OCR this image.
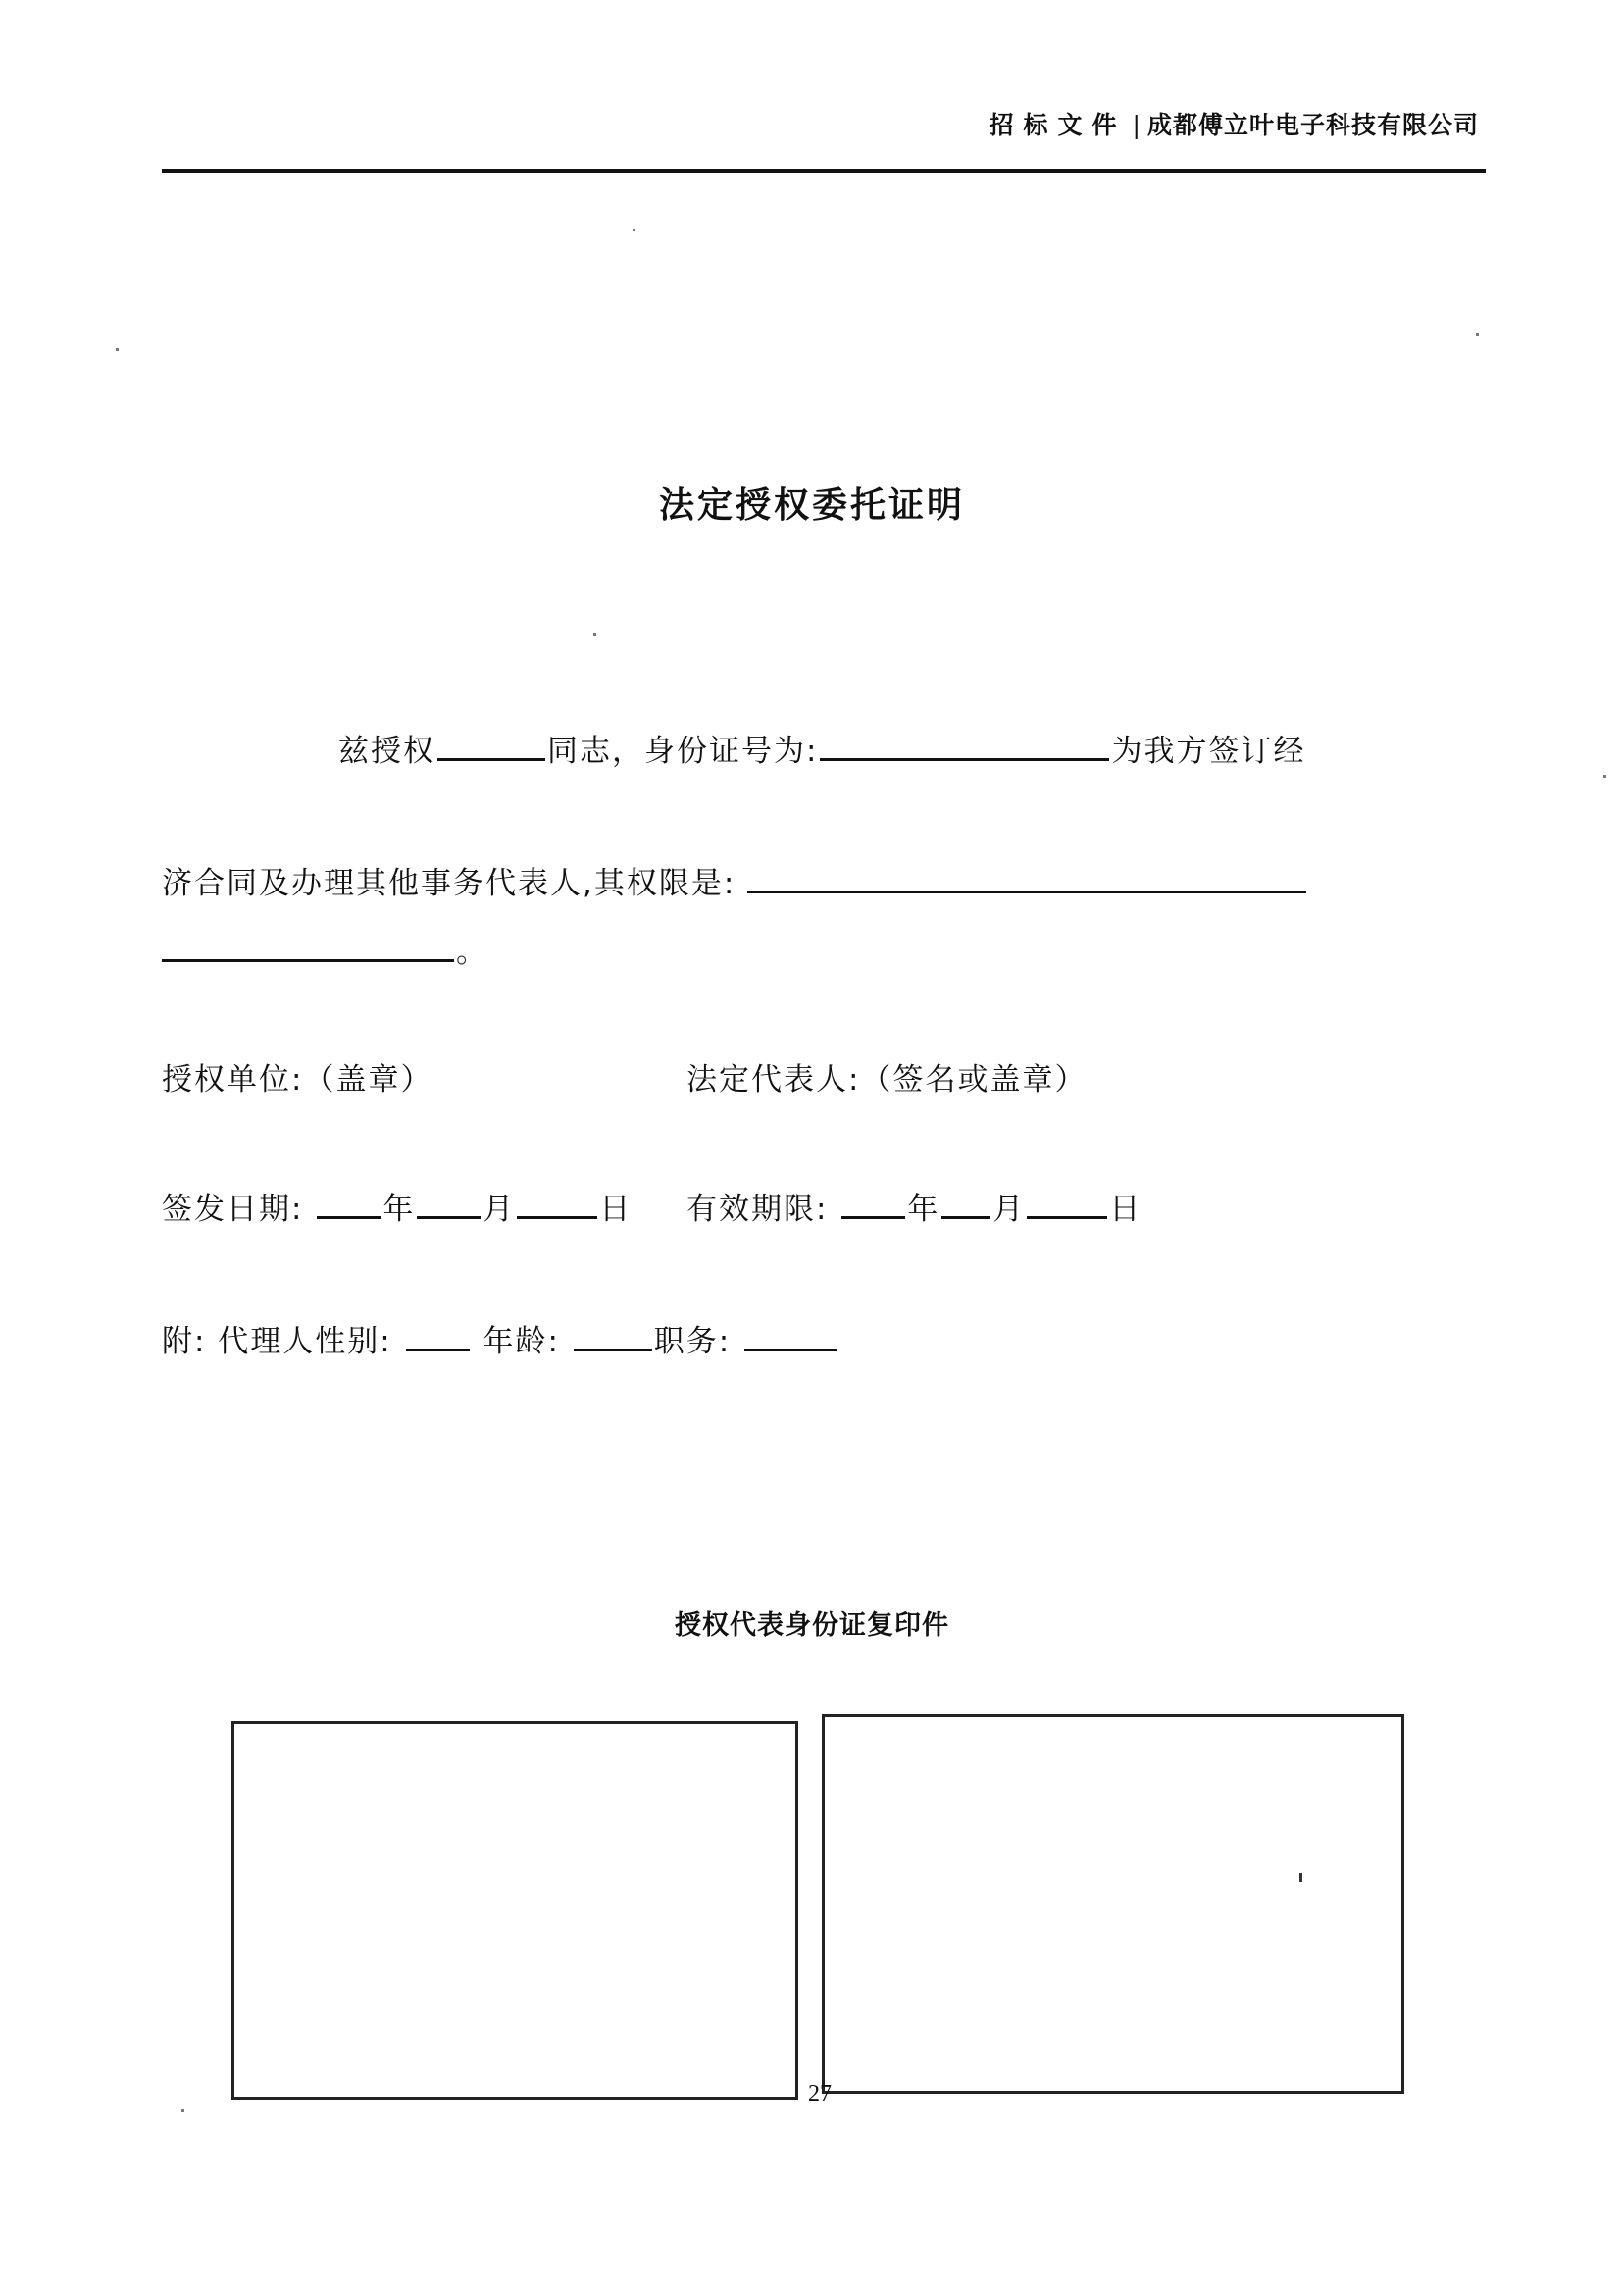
招标文件 | 成都傅立叶电子科技有限公司
法定授权委托证明
兹授权	同志，身份证号为:	为我方签订经
济合同及办理其他事务代表人,其权限是:
。
授权单位:（盖章）	法定代表人:（签名或盖章）
签发日期:	年 月	日 有效期限:	年 月	日
附: 代理人性别:	年龄:	职务:
授权代表身份证复印件
27
